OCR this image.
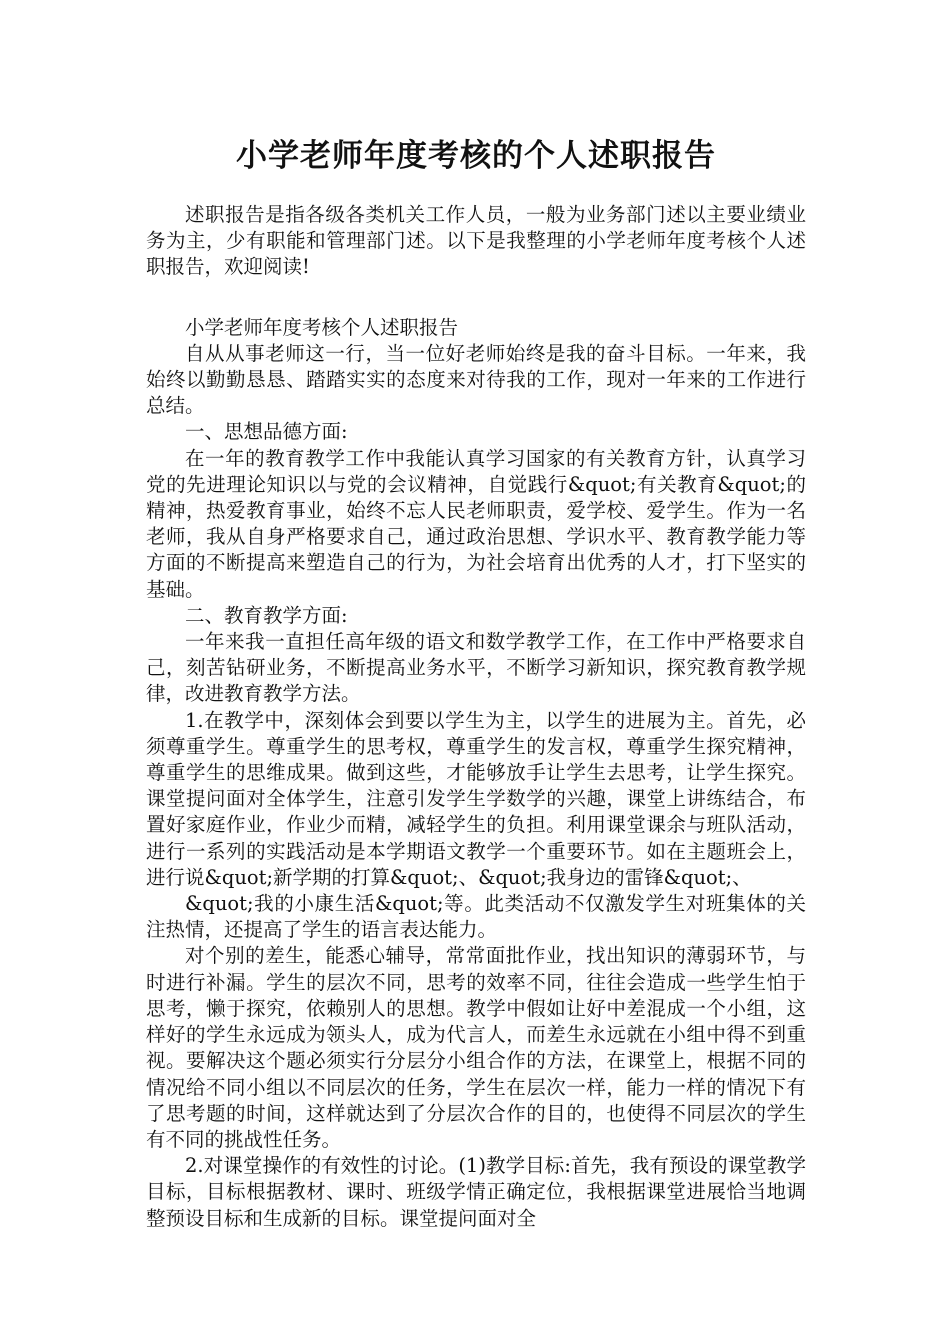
小学老师年度考核的个人述职报告

述职报告是指各级各类机关工作人员，一般为业务部门述以主要业绩业务为主，少有职能和管理部门述。以下是我整理的小学老师年度考核个人述职报告，欢迎阅读!

小学老师年度考核个人述职报告

自从从事老师这一行，当一位好老师始终是我的奋斗目标。一年来，我始终以勤勤恳恳、踏踏实实的态度来对待我的工作，现对一年来的工作进行总结。

一、思想品德方面:

在一年的教育教学工作中我能认真学习国家的有关教育方针，认真学习党的先进理论知识以与党的会议精神，自觉践行&quot;有关教育&quot;的精神，热爱教育事业，始终不忘人民老师职责，爱学校、爱学生。作为一名老师，我从自身严格要求自己，通过政治思想、学识水平、教育教学能力等方面的不断提高来塑造自己的行为，为社会培育出优秀的人才，打下坚实的基础。

二、教育教学方面:

一年来我一直担任高年级的语文和数学教学工作，在工作中严格要求自己，刻苦钻研业务，不断提高业务水平，不断学习新知识，探究教育教学规律，改进教育教学方法。

1.在教学中，深刻体会到要以学生为主，以学生的进展为主。首先，必须尊重学生。尊重学生的思考权，尊重学生的发言权，尊重学生探究精神，尊重学生的思维成果。做到这些，才能够放手让学生去思考，让学生探究。课堂提问面对全体学生，注意引发学生学数学的兴趣，课堂上讲练结合，布置好家庭作业，作业少而精，减轻学生的负担。利用课堂课余与班队活动，进行一系列的实践活动是本学期语文教学一个重要环节。如在主题班会上，进行说&quot;新学期的打算&quot;、&quot;我身边的雷锋&quot;、

&quot;我的小康生活&quot;等。此类活动不仅激发学生对班集体的关注热情，还提高了学生的语言表达能力。

对个别的差生，能悉心辅导，常常面批作业，找出知识的薄弱环节，与时进行补漏。学生的层次不同，思考的效率不同，往往会造成一些学生怕于思考，懒于探究，依赖别人的思想。教学中假如让好中差混成一个小组，这样好的学生永远成为领头人，成为代言人，而差生永远就在小组中得不到重视。要解决这个题必须实行分层分小组合作的方法，在课堂上，根据不同的情况给不同小组以不同层次的任务，学生在层次一样，能力一样的情况下有了思考题的时间，这样就达到了分层次合作的目的，也使得不同层次的学生有不同的挑战性任务。

2.对课堂操作的有效性的讨论。(1)教学目标:首先，我有预设的课堂教学目标，目标根据教材、课时、班级学情正确定位，我根据课堂进展恰当地调整预设目标和生成新的目标。课堂提问面对全
